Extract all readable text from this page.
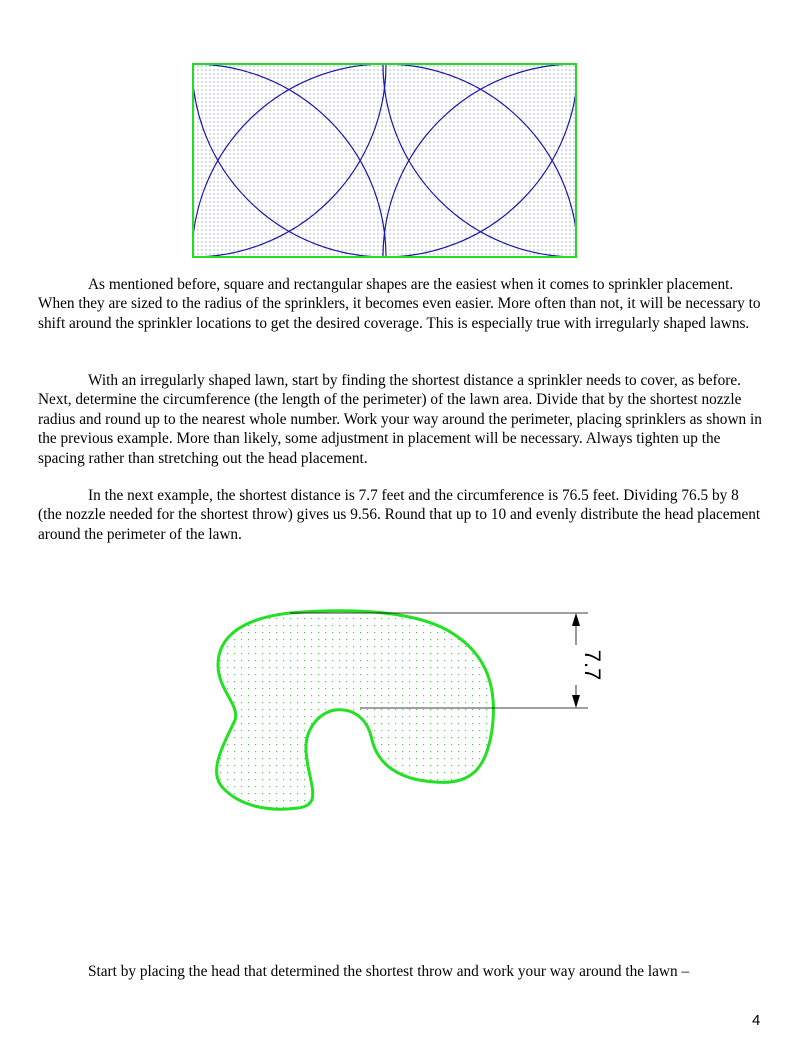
As mentioned before, square and rectangular shapes are the easiest when it comes to sprinkler placement. When they are sized to the radius of the sprinklers, it becomes even easier. More often than not, it will be necessary to shift around the sprinkler locations to get the desired coverage. This is especially true with irregularly shaped lawns.

With an irregularly shaped lawn, start by finding the shortest distance a sprinkler needs to cover, as before. Next, determine the circumference (the length of the perimeter) of the lawn area. Divide that by the shortest nozzle radius and round up to the nearest whole number. Work your way around the perimeter, placing sprinklers as shown in the previous example. More than likely, some adjustment in placement will be necessary. Always tighten up the spacing rather than stretching out the head placement.

In the next example, the shortest distance is 7.7 feet and the circumference is 76.5 feet. Dividing 76.5 by 8 (the nozzle needed for the shortest throw) gives us 9.56. Round that up to 10 and evenly distribute the head placement around the perimeter of the lawn.

7.7

Start by placing the head that determined the shortest throw and work your way around the lawn –

4
